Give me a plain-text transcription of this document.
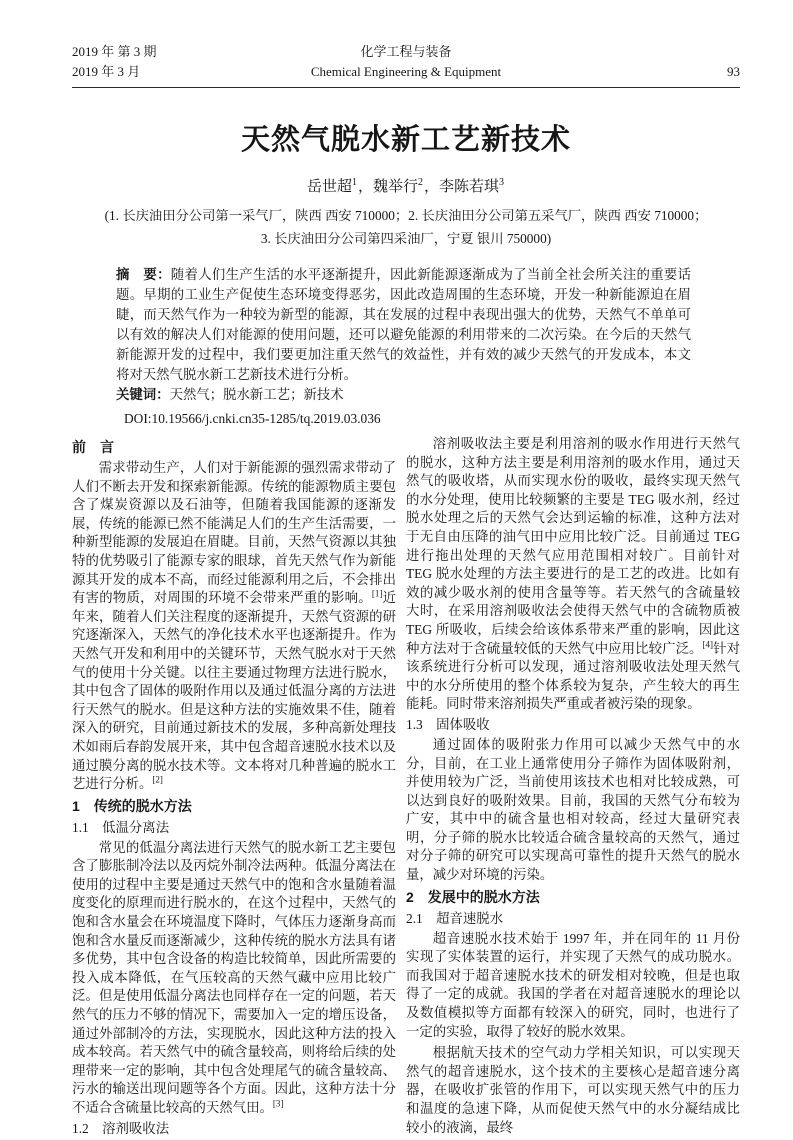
2019 年 第 3 期	化学工程与装备
2019 年 3 月	Chemical Engineering & Equipment	93
天然气脱水新工艺新技术
岳世超$^1$，魏举行$^2$，李陈若琪$^3$
(1. 长庆油田分公司第一采气厂，陕西 西安 710000；2. 长庆油田分公司第五采气厂，陕西 西安 710000；
3. 长庆油田分公司第四采油厂，宁夏 银川 750000)
摘　要：随着人们生产生活的水平逐渐提升，因此新能源逐渐成为了当前全社会所关注的重要话题。早期的工业生产促使生态环境变得恶劣，因此改造周围的生态环境，开发一种新能源迫在眉睫，而天然气作为一种较为新型的能源，其在发展的过程中表现出强大的优势，天然气不单单可以有效的解决人们对能源的使用问题，还可以避免能源的利用带来的二次污染。在今后的天然气新能源开发的过程中，我们要更加注重天然气的效益性，并有效的减少天然气的开发成本，本文将对天然气脱水新工艺新技术进行分析。
关键词：天然气；脱水新工艺；新技术
DOI:10.19566/j.cnki.cn35-1285/tq.2019.03.036
前　言

需求带动生产，人们对于新能源的强烈需求带动了人们不断去开发和探索新能源。传统的能源物质主要包含了煤炭资源以及石油等，但随着我国能源的逐渐发展，传统的能源已然不能满足人们的生产生活需要，一种新型能源的发展迫在眉睫。目前，天然气资源以其独特的优势吸引了能源专家的眼球，首先天然气作为新能源其开发的成本不高，而经过能源利用之后，不会排出有害的物质，对周围的环境不会带来严重的影响。[1]近年来，随着人们关注程度的逐渐提升，天然气资源的研究逐渐深入，天然气的净化技术水平也逐渐提升。作为天然气开发和利用中的关键环节，天然气脱水对于天然气的使用十分关键。以往主要通过物理方法进行脱水，其中包含了固体的吸附作用以及通过低温分离的方法进行天然气的脱水。但是这种方法的实施效果不佳，随着深入的研究，目前通过新技术的发展，多种高新处理技术如雨后春韵发展开来，其中包含超音速脱水技术以及通过膜分离的脱水技术等。文本将对几种普遍的脱水工艺进行分析。[2]

1　传统的脱水方法
1.1　低温分离法

常见的低温分离法进行天然气的脱水新工艺主要包含了膨胀制冷法以及丙烷外制冷法两种。低温分离法在使用的过程中主要是通过天然气中的饱和含水量随着温度变化的原理而进行脱水的，在这个过程中，天然气的饱和含水量会在环境温度下降时，气体压力逐渐身高而饱和含水量反而逐渐减少，这种传统的脱水方法具有诸多优势，其中包含设备的构造比较简单，因此所需要的投入成本降低，在气压较高的天然气藏中应用比较广泛。但是使用低温分离法也同样存在一定的问题，若天然气的压力不够的情况下，需要加入一定的增压设备，通过外部制冷的方法，实现脱水，因此这种方法的投入成本较高。若天然气中的硫含量较高，则将给后续的处理带来一定的影响，其中包含处理尾气的硫含量较高、污水的输送出现问题等各个方面。因此，这种方法十分不适合含硫量比较高的天然气田。[3]

1.2　溶剂吸收法

溶剂吸收法主要是利用溶剂的吸水作用进行天然气的脱水，这种方法主要是利用溶剂的吸水作用，通过天然气的吸收塔，从而实现水份的吸收，最终实现天然气的水分处理，使用比较频繁的主要是 TEG 吸水剂，经过脱水处理之后的天然气会达到运输的标准，这种方法对于无自由压降的油气田中应用比较广泛。目前通过 TEG 进行拖出处理的天然气应用范围相对较广。目前针对 TEG 脱水处理的方法主要进行的是工艺的改进。比如有效的减少吸水剂的使用含量等等。若天然气的含硫量较大时，在采用溶剂吸收法会使得天然气中的含硫物质被 TEG 所吸收，后续会给该体系带来严重的影响，因此这种方法对于含硫量较低的天然气中应用比较广泛。[4]针对该系统进行分析可以发现，通过溶剂吸收法处理天然气中的水分所使用的整个体系较为复杂，产生较大的再生能耗。同时带来溶剂损失严重或者被污染的现象。

1.3　固体吸收

通过固体的吸附张力作用可以减少天然气中的水分，目前，在工业上通常使用分子筛作为固体吸附剂，并使用较为广泛，当前使用该技术也相对比较成熟，可以达到良好的吸附效果。目前，我国的天然气分布较为广安，其中中的硫含量也相对较高，经过大量研究表明，分子筛的脱水比较适合硫含量较高的天然气，通过对分子筛的研究可以实现高可靠性的提升天然气的脱水量，减少对环境的污染。

2　发展中的脱水方法
2.1　超音速脱水

超音速脱水技术始于 1997 年，并在同年的 11 月份实现了实体装置的运行，并实现了天然气的成功脱水。而我国对于超音速脱水技术的研发相对较晚，但是也取得了一定的成就。我国的学者在对超音速脱水的理论以及数值模拟等方面都有较深入的研究，同时，也进行了一定的实验，取得了较好的脱水效果。

根据航天技术的空气动力学相关知识，可以实现天然气的超音速脱水，这个技术的主要核心是超音速分离器，在吸收扩张管的作用下，可以实现天然气中的压力和温度的急速下降，从而促使天然气中的水分凝结成比较小的液滴，最终
